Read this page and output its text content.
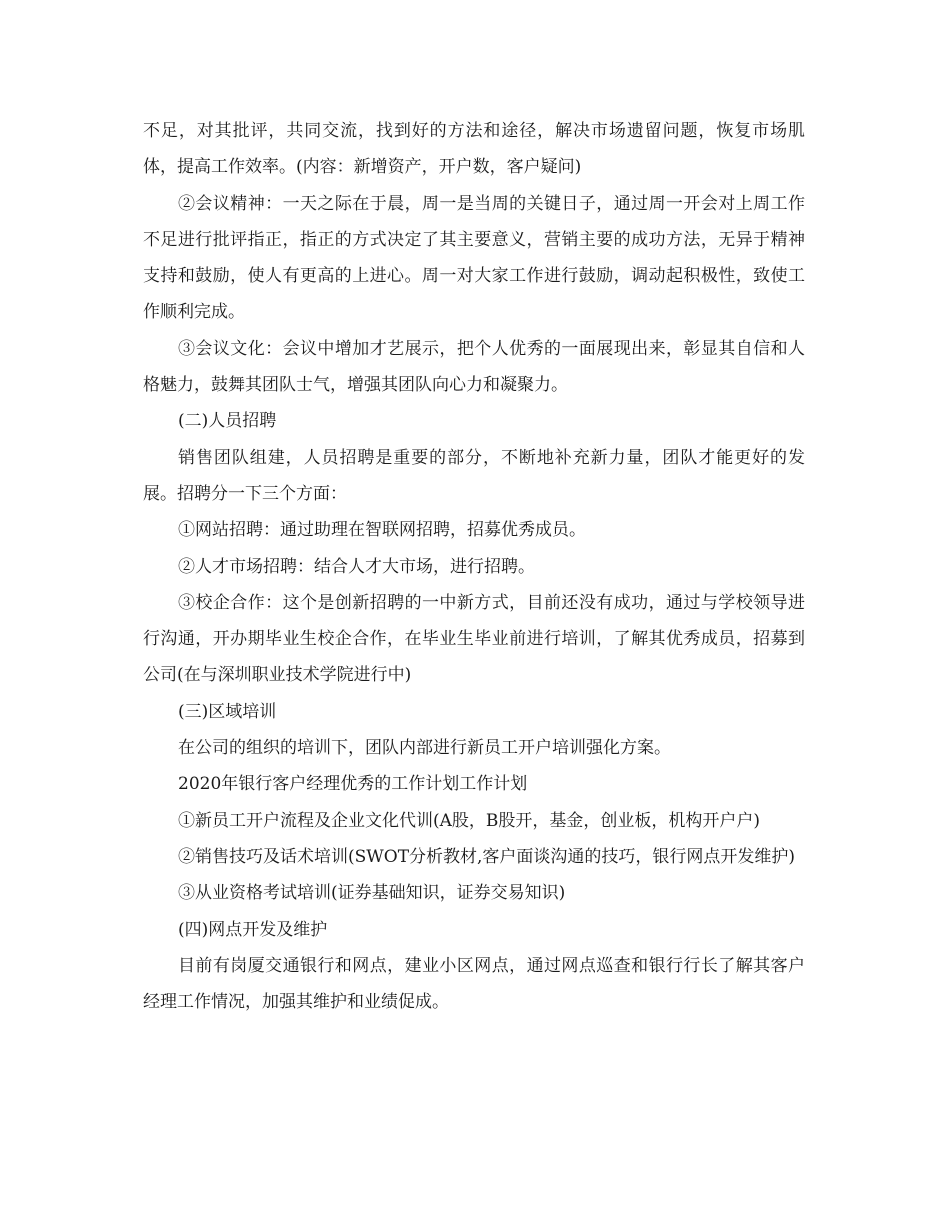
不足，对其批评，共同交流，找到好的方法和途径，解决市场遗留问题，恢复市场肌体，提高工作效率。(内容：新增资产，开户数，客户疑问)

②会议精神：一天之际在于晨，周一是当周的关键日子，通过周一开会对上周工作不足进行批评指正，指正的方式决定了其主要意义，营销主要的成功方法，无异于精神支持和鼓励，使人有更高的上进心。周一对大家工作进行鼓励，调动起积极性，致使工作顺利完成。

③会议文化：会议中增加才艺展示，把个人优秀的一面展现出来，彰显其自信和人格魅力，鼓舞其团队士气，增强其团队向心力和凝聚力。

(二)人员招聘

销售团队组建，人员招聘是重要的部分，不断地补充新力量，团队才能更好的发展。招聘分一下三个方面：

①网站招聘：通过助理在智联网招聘，招募优秀成员。

②人才市场招聘：结合人才大市场，进行招聘。

③校企合作：这个是创新招聘的一中新方式，目前还没有成功，通过与学校领导进行沟通，开办期毕业生校企合作，在毕业生毕业前进行培训，了解其优秀成员，招募到公司(在与深圳职业技术学院进行中)

(三)区域培训

在公司的组织的培训下，团队内部进行新员工开户培训强化方案。

2020年银行客户经理优秀的工作计划工作计划

①新员工开户流程及企业文化代训(A股，B股开，基金，创业板，机构开户户)

②销售技巧及话术培训(SWOT分析教材,客户面谈沟通的技巧，银行网点开发维护)

③从业资格考试培训(证券基础知识，证券交易知识)

(四)网点开发及维护

目前有岗厦交通银行和网点，建业小区网点，通过网点巡查和银行行长了解其客户经理工作情况，加强其维护和业绩促成。
